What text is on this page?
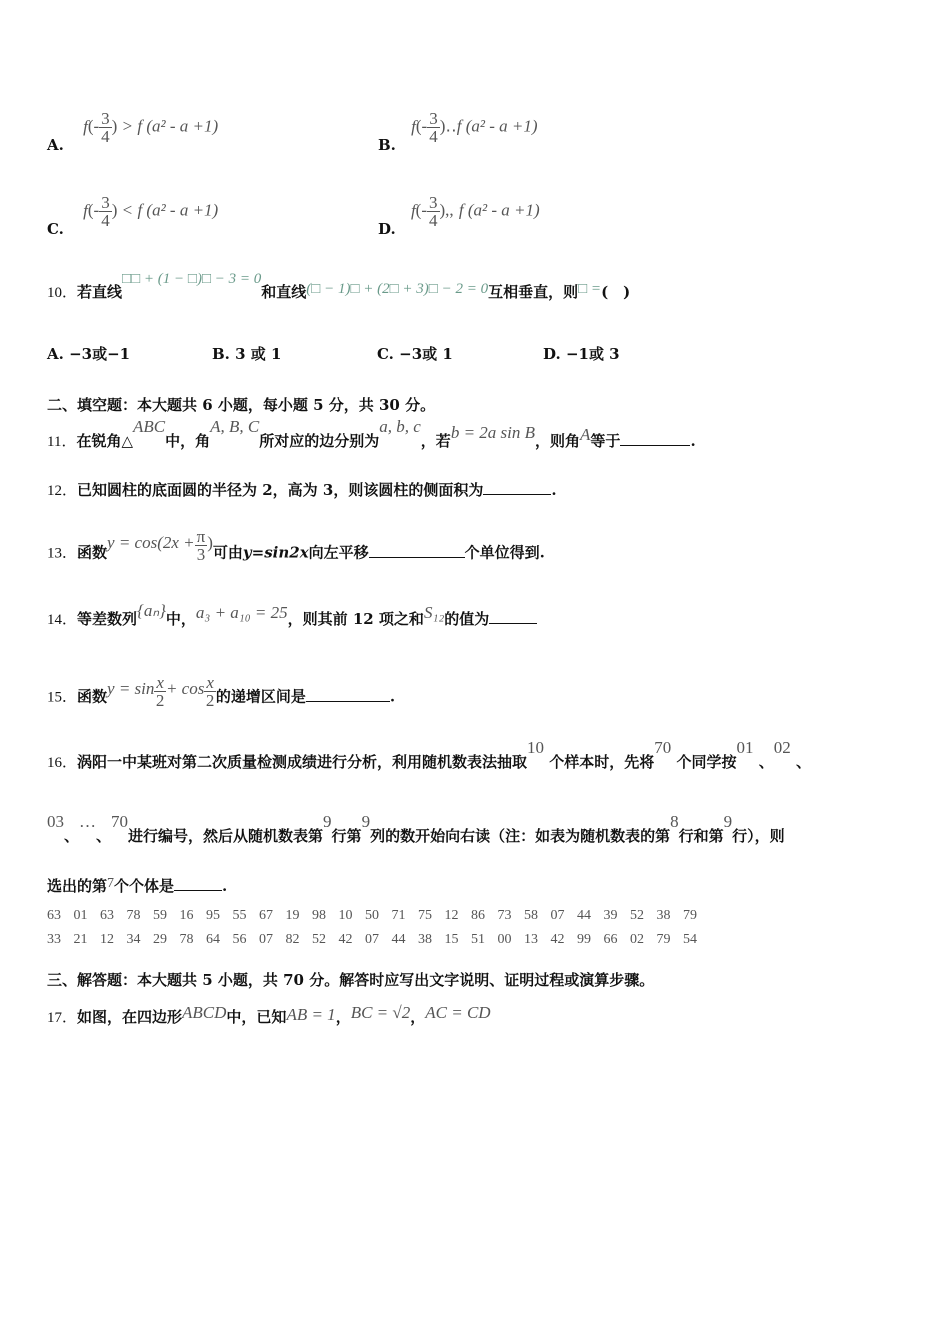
A. $f(- \frac{3}{4}$ ) > f (a² - a +1)
B. $f(- \frac{3}{4}$ )‥f (a² - a +1)
C. $f(- \frac{3}{4}$ ) < f (a² - a +1)
D. $f(- \frac{3}{4}$ ),, f (a² - a +1)
10．若直线□□ + (1 − □)□ − 3 = 0和直线(□ − 1)□ + (2□ + 3)□ − 2 = 0互相垂直，则□ =(　)
A. −3或−1	B. 3 或 1	C. −3或 1	D. −1或 3
二、填空题：本大题共 6 小题，每小题 5 分，共 30 分。
11．在锐角△ABC中，角A, B, C所对应的边分别为a, b, c，若b = 2a sin B，则角A等于	.
12．已知圆柱的底面圆的半径为 2，高为 3，则该圆柱的侧面积为	.
13．函数$y = \cos(2x + \frac{\pi}{3}$ )可由y=sin2x向左平移	个单位得到.
14．等差数列{aₙ}中，a₃ + a₁₀ = 25，则其前 12 项之和S₁₂的值为
15．函数$y = \sin \frac{x}{2} + \cos \frac{x}{2}$ 的递增区间是	.
16．涡阳一中某班对第二次质量检测成绩进行分析，利用随机数表法抽取10 个样本时，先将70 个同学按01 、02 、
03、…、70进行编号，然后从随机数表第9行第9列的数开始向右读（注：如表为随机数表的第8行和第9行），则
选出的第7个个体是	.
63 01 63 78 59 16 95 55 67 19 98 10 50 71 75 12 86 73 58 07 44 39 52 38 79
33 21 12 34 29 78 64 56 07 82 52 42 07 44 38 15 51 00 13 42 99 66 02 79 54
三、解答题：本大题共 5 小题，共 70 分。解答时应写出文字说明、证明过程或演算步骤。
17．如图，在四边形ABCD中，已知AB = 1，BC = √2，AC = CD
